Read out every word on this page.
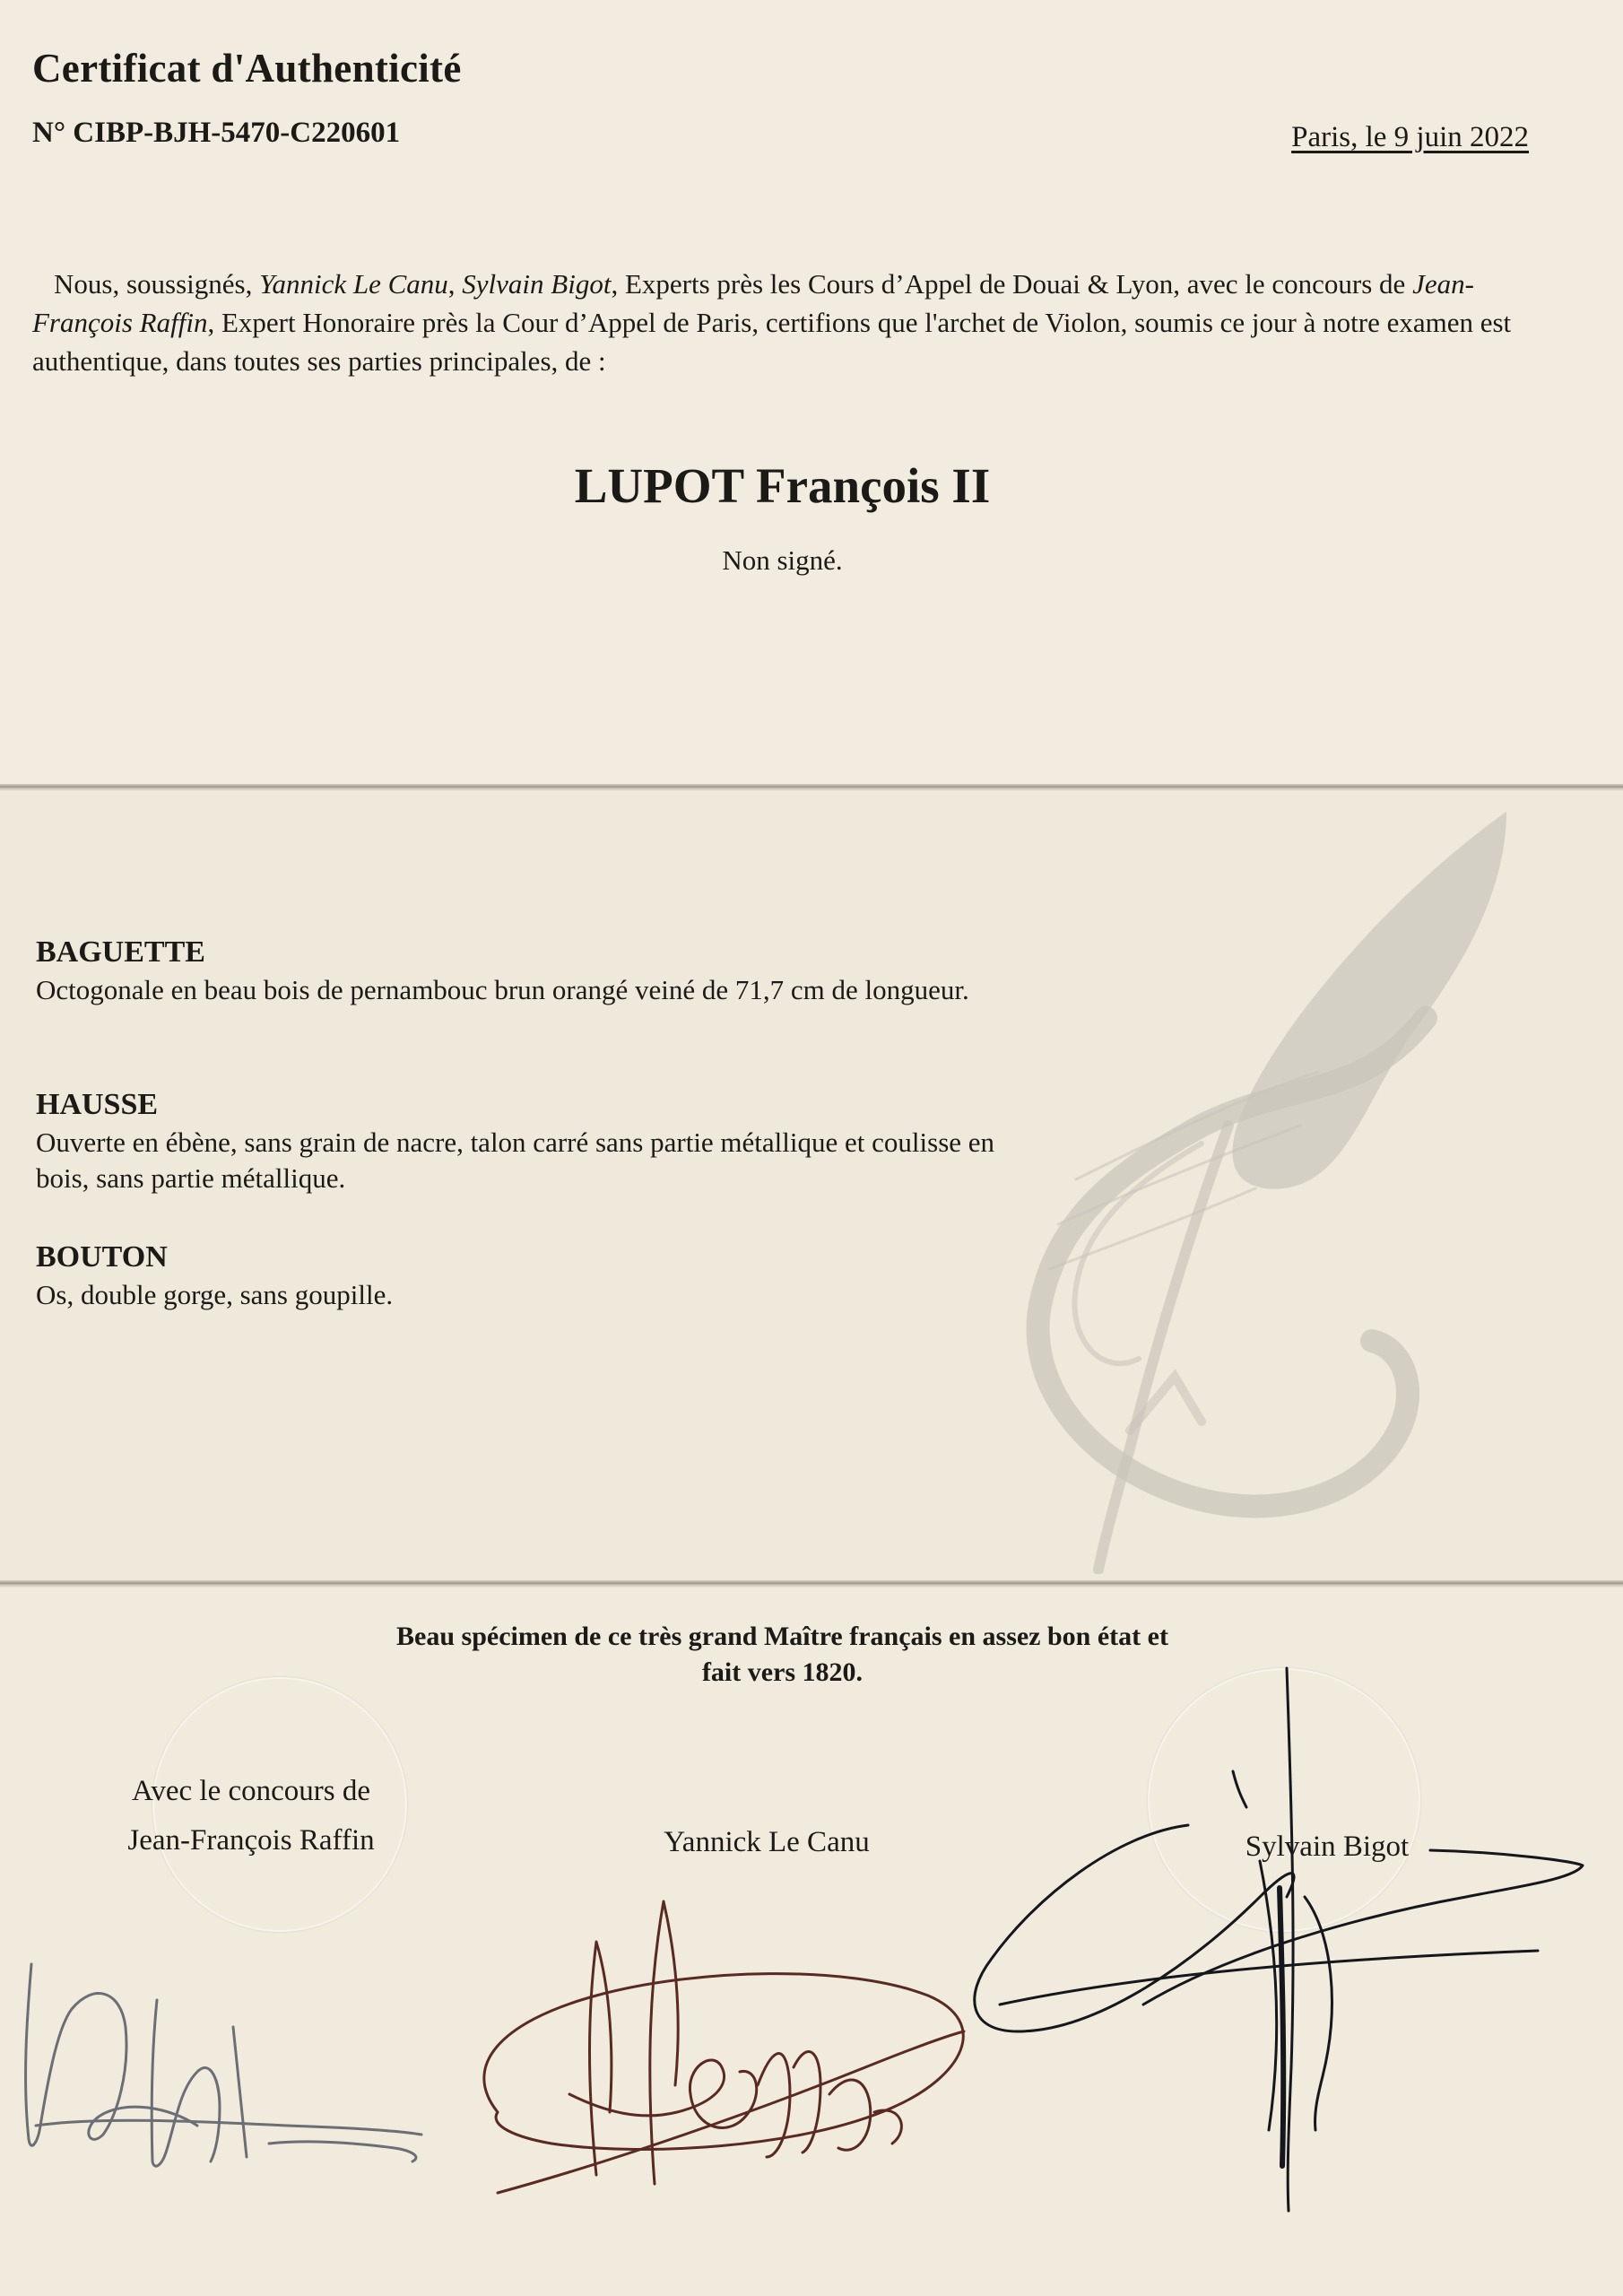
Certificat d'Authenticité
N° CIBP-BJH-5470-C220601	Paris, le 9 juin 2022
Nous, soussignés, Yannick Le Canu, Sylvain Bigot, Experts près les Cours d’Appel de Douai & Lyon, avec le concours de Jean-François Raffin, Expert Honoraire près la Cour d’Appel de Paris, certifions que l'archet de Violon, soumis ce jour à notre examen est authentique, dans toutes ses parties principales, de :
LUPOT François II
Non signé.
BAGUETTE
Octogonale en beau bois de pernambouc brun orangé veiné de 71,7 cm de longueur.
HAUSSE
Ouverte en ébène, sans grain de nacre, talon carré sans partie métallique et coulisse en bois, sans partie métallique.
BOUTON
Os, double gorge, sans goupille.
Beau spécimen de ce très grand Maître français en assez bon état et
fait vers 1820.
Avec le concours de
Jean-François Raffin	Yannick Le Canu	Sylvain Bigot
